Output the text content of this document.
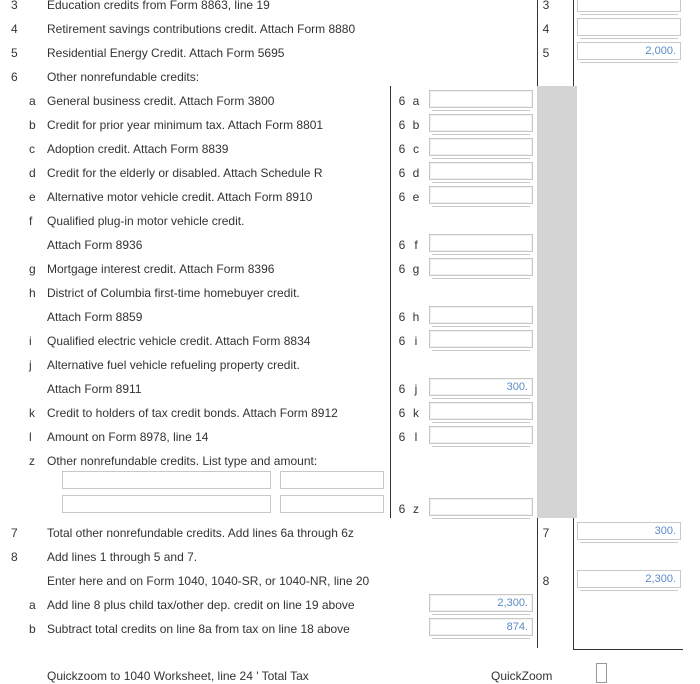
3 Education credits from Form 8863, line 19	3
4 Retirement savings contributions credit. Attach Form 8880	4
5 Residential Energy Credit. Attach Form 5695	5	2,000.
6 Other nonrefundable credits:
a General business credit. Attach Form 3800	6 a
b Credit for prior year minimum tax. Attach Form 8801	6 b
c Adoption credit. Attach Form 8839	6 c
d Credit for the elderly or disabled. Attach Schedule R	6 d
e Alternative motor vehicle credit. Attach Form 8910	6 e
f Qualified plug-in motor vehicle credit.
Attach Form 8936	6 f
g Mortgage interest credit. Attach Form 8396	6 g
h District of Columbia first-time homebuyer credit.
Attach Form 8859	6 h
i Qualified electric vehicle credit. Attach Form 8834	6 i
j Alternative fuel vehicle refueling property credit.
Attach Form 8911	6 j	300.
k Credit to holders of tax credit bonds. Attach Form 8912	6 k
l Amount on Form 8978, line 14	6 l
z Other nonrefundable credits. List type and amount:
6 z
7 Total other nonrefundable credits. Add lines 6a through 6z	7	300.
8 Add lines 1 through 5 and 7.
Enter here and on Form 1040, 1040-SR, or 1040-NR, line 20	8	2,300.
a Add line 8 plus child tax/other dep. credit on line 19 above	2,300.
b Subtract total credits on line 8a from tax on line 18 above	874.
Quickzoom to 1040 Worksheet, line 24 ' Total Tax	QuickZoom
